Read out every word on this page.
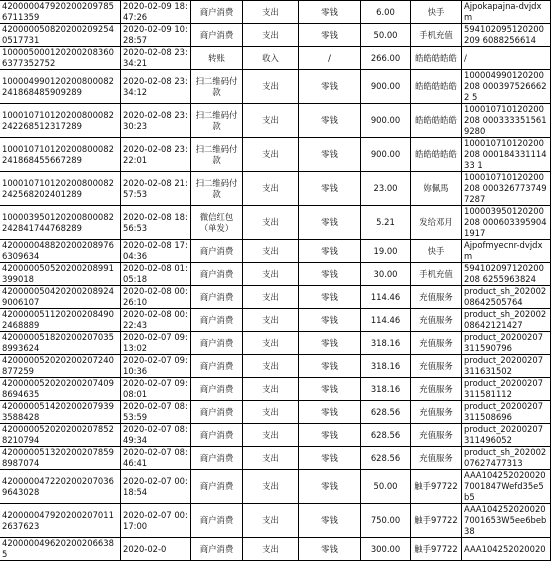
420000047920200209785 6711359	2020-02-09 18:47:26	商户消费	支出	零钱	6.00	快手	Ajpokapajna-dvjdx m
420000050820200209254 0517731	2020-02-09 10:28:57	商户消费	支出	零钱	50.00	手机充值	594102095120200209 6088256614
100005000120200208360 6377352752	2020-02-08 23:34:21	转账	收入	/	266.00	皓皓皓皓皓	/
100004990120200800082 241868485909289	2020-02-08 23:34:12	扫二维码付款	支出	零钱	900.00	皓皓皓皓皓	100004990120200208 0003975266622 5
100010710120200800082 242268512317289	2020-02-08 23:30:23	扫二维码付款	支出	零钱	900.00	皓皓皓皓皓	100010710120200208 0003333515619280
100010710120200800082 241868455667289	2020-02-08 23:22:01	扫二维码付款	支出	零钱	900.00	皓皓皓皓皓	100010710120200208 00018433111433 1
100010710120200800082 242568202401289	2020-02-08 21:57:53	扫二维码付款	支出	零钱	23.00	妳佩馬	100010710120200208 0003267737497287
100003950120200800082 242841744768289	2020-02-08 18:56:53	微信红包（单发）	支出	零钱	5.21	发给邓月	100003950120200208 0006033959041917
420000048820200208976 6309634	2020-02-08 17:04:36	商户消费	支出	零钱	19.00	快手	Ajpofmyecnr-dvjdx m
420000050520200208991 399018	2020-02-08 01:05:18	商户消费	支出	零钱	30.00	手机充值	594102097120200208 6255963824
420000050420200208924 9006107	2020-02-08 00:26:10	商户消费	支出	零钱	114.46	充值服务	product_sh_202002 08642505764
420000051120200208490 2468889	2020-02-08 00:22:43	商户消费	支出	零钱	114.46	充值服务	product_sh_202002 08642121427
420000051820200207035 8993624	2020-02-07 09:13:02	商户消费	支出	零钱	318.16	充值服务	product_20200207 311590796
420000052020200207240 877259	2020-02-07 09:10:36	商户消费	支出	零钱	318.16	充值服务	product_20200207 311631502
420000052020200207409 8694635	2020-02-07 09:08:01	商户消费	支出	零钱	318.16	充值服务	product_20200207 311581112
420000051420200207939 3588428	2020-02-07 08:53:59	商户消费	支出	零钱	628.56	充值服务	product_20200207 311508696
420000052020200207852 8210794	2020-02-07 08:49:34	商户消费	支出	零钱	628.56	充值服务	product_20200207 311496052
420000051320200207859 8987074	2020-02-07 08:46:41	商户消费	支出	零钱	628.56	充值服务	product_sh_202002 07627477313
420000047220200207036 9643028	2020-02-07 00:18:54	商户消费	支出	零钱	50.00	触手97722	AAA104252020020 7001847Wefd35e5 b5
420000047920200207011 2637623	2020-02-07 00:17:00	商户消费	支出	零钱	750.00	触手97722	AAA104252020020 7001653W5ee6beb 38
420000049620200206638 5	2020-02-0	商户消费	支出	零钱	300.00	触手97722	AAA104252020020
